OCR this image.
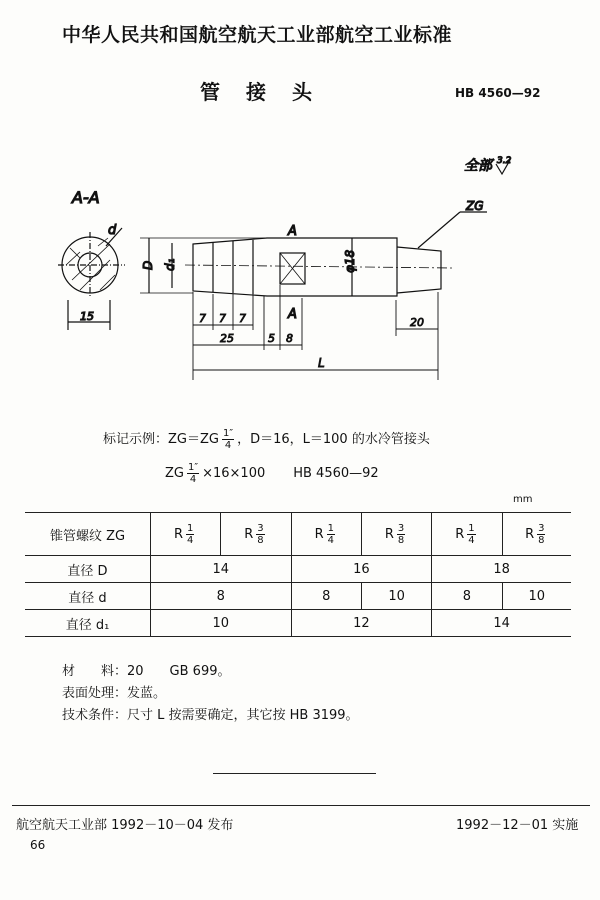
中华人民共和国航空航天工业部航空工业标准
管接头	HB 4560—92
全部 3.2
A-A
d
15
D d₁	φ18
ZG
A
A
7 7 7
25	5 8
20
L
标记示例：$ZG=ZG \frac{1''}{4}$ ，D＝16，L＝100 的水冷管接头
ZG $\frac{1''}{4} \times 16\times 100$ HB 4560—92
mm
锥管螺纹 ZG	R $\frac{1}{4}$	R $\frac{3}{8}$	R $\frac{1}{4}$	R $\frac{3}{8}$	R $\frac{1}{4}$	R $\frac{3}{8}$

直径 D	14		16		18	
直径 d	8		8	10	8	10
直径 d₁	10		12		14	
材　　料：20　　GB 699。
表面处理：发蓝。
技术条件：尺寸 L 按需要确定，其它按 HB 3199。
航空航天工业部 1992－10－04 发布	1992－12－01 实施
66
